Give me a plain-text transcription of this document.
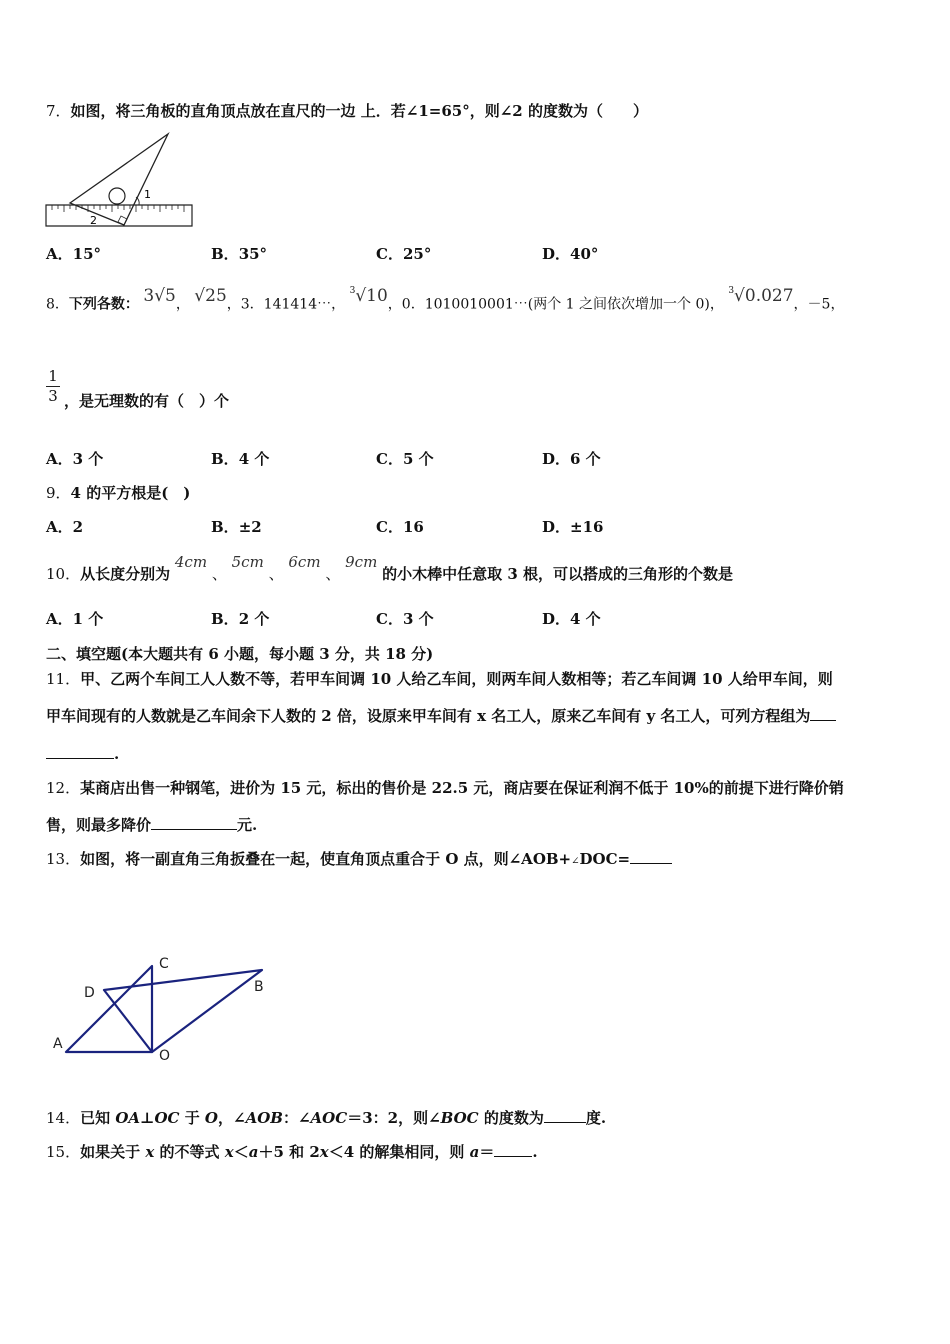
7．如图，将三角板的直角顶点放在直尺的一边 上．若∠1=65°，则∠2 的度数为（　　）
1
2
A．15°	B．35°	C．25°	D．40°
8．下列各数： 3√5， √25，3．141414⋯， $^3$√10，0．1010010001⋯(两个 1 之间依次增加一个 0)， $^3$√0.027，－5，
1
3 ，是无理数的有（　）个
A．3 个	B．4 个	C．5 个	D．6 个
9．4 的平方根是(　)
A．2	B．±2	C．16	D．±16
10．从长度分别为 4cm 、 5cm 、 6cm 、 9cm 的小木棒中任意取 3 根，可以搭成的三角形的个数是
A．1 个	B．2 个	C．3 个	D．4 个
二、填空题(本大题共有 6 小题，每小题 3 分，共 18 分)
11．甲、乙两个车间工人人数不等，若甲车间调 10 人给乙车间，则两车间人数相等；若乙车间调 10 人给甲车间，则
甲车间现有的人数就是乙车间余下人数的 2 倍，设原来甲车间有 x 名工人，原来乙车间有 y 名工人，可列方程组为
.
12．某商店出售一种钢笔，进价为 15 元，标出的售价是 22.5 元，商店要在保证利润不低于 10%的前提下进行降价销
售，则最多降价	元.
13．如图，将一副直角三角扳叠在一起，使直角顶点重合于 O 点，则∠AOB+∠DOC=
A
B
C
D
O
14．已知 OA⊥OC 于 O，∠AOB：∠AOC＝3：2，则∠BOC 的度数为	度.
15．如果关于 x 的不等式 x＜a＋5 和 2x＜4 的解集相同，则 a＝	.
